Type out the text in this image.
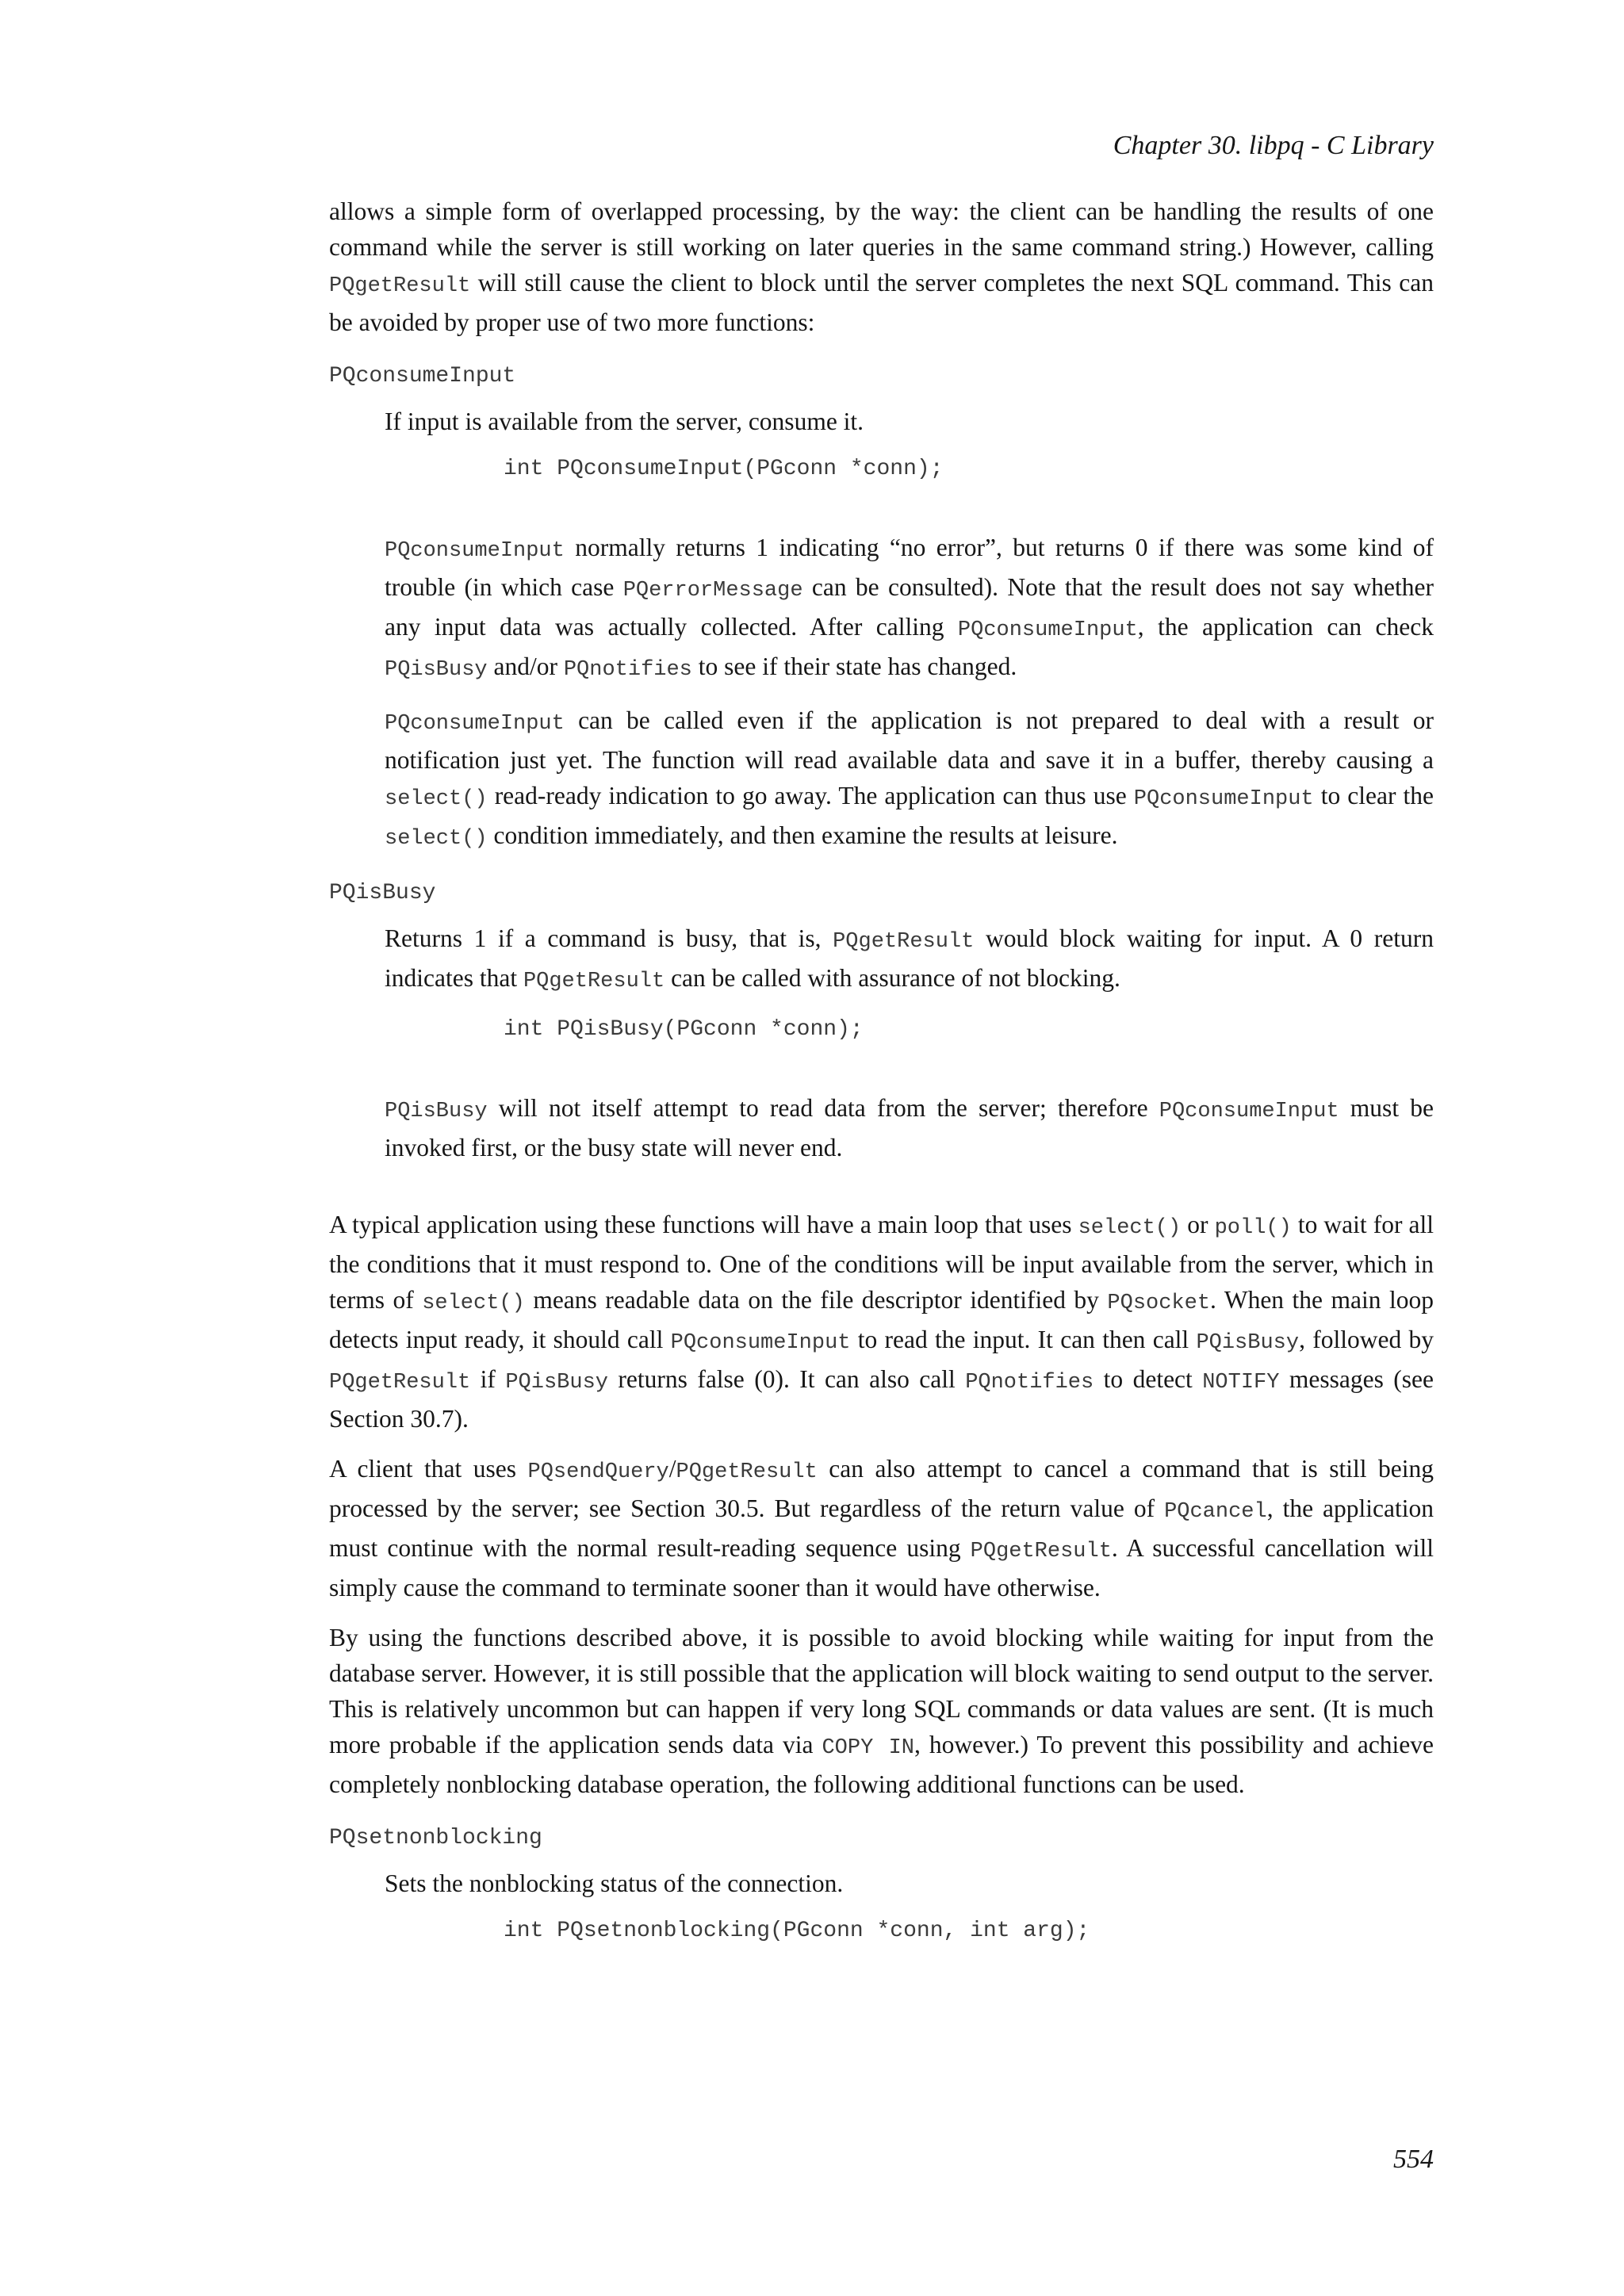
Chapter 30. libpq - C Library

allows a simple form of overlapped processing, by the way: the client can be handling the results of one command while the server is still working on later queries in the same command string.) However, calling PQgetResult will still cause the client to block until the server completes the next SQL command. This can be avoided by proper use of two more functions:

PQconsumeInput

If input is available from the server, consume it.

int PQconsumeInput(PGconn *conn);

PQconsumeInput normally returns 1 indicating “no error”, but returns 0 if there was some kind of trouble (in which case PQerrorMessage can be consulted). Note that the result does not say whether any input data was actually collected. After calling PQconsumeInput, the application can check PQisBusy and/or PQnotifies to see if their state has changed.

PQconsumeInput can be called even if the application is not prepared to deal with a result or notification just yet. The function will read available data and save it in a buffer, thereby causing a select() read-ready indication to go away. The application can thus use PQconsumeInput to clear the select() condition immediately, and then examine the results at leisure.

PQisBusy

Returns 1 if a command is busy, that is, PQgetResult would block waiting for input. A 0 return indicates that PQgetResult can be called with assurance of not blocking.

int PQisBusy(PGconn *conn);

PQisBusy will not itself attempt to read data from the server; therefore PQconsumeInput must be invoked first, or the busy state will never end.

A typical application using these functions will have a main loop that uses select() or poll() to wait for all the conditions that it must respond to. One of the conditions will be input available from the server, which in terms of select() means readable data on the file descriptor identified by PQsocket. When the main loop detects input ready, it should call PQconsumeInput to read the input. It can then call PQisBusy, followed by PQgetResult if PQisBusy returns false (0). It can also call PQnotifies to detect NOTIFY messages (see Section 30.7).

A client that uses PQsendQuery/PQgetResult can also attempt to cancel a command that is still being processed by the server; see Section 30.5. But regardless of the return value of PQcancel, the application must continue with the normal result-reading sequence using PQgetResult. A successful cancellation will simply cause the command to terminate sooner than it would have otherwise.

By using the functions described above, it is possible to avoid blocking while waiting for input from the database server. However, it is still possible that the application will block waiting to send output to the server. This is relatively uncommon but can happen if very long SQL commands or data values are sent. (It is much more probable if the application sends data via COPY IN, however.) To prevent this possibility and achieve completely nonblocking database operation, the following additional functions can be used.

PQsetnonblocking

Sets the nonblocking status of the connection.

int PQsetnonblocking(PGconn *conn, int arg);
554
